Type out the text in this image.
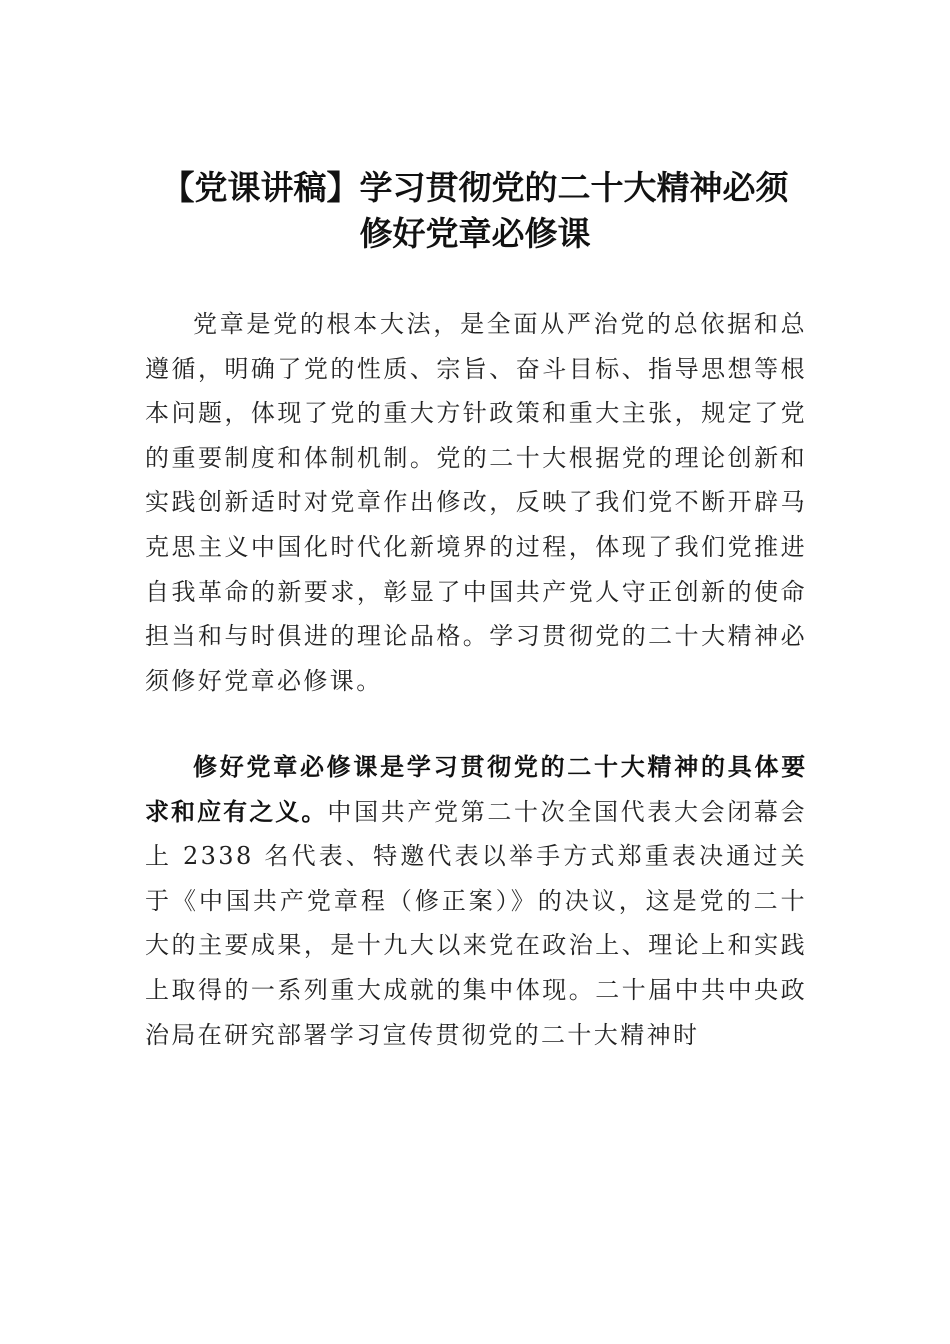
【党课讲稿】学习贯彻党的二十大精神必须
修好党章必修课

党章是党的根本大法，是全面从严治党的总依据和总遵循，明确了党的性质、宗旨、奋斗目标、指导思想等根本问题，体现了党的重大方针政策和重大主张，规定了党的重要制度和体制机制。党的二十大根据党的理论创新和实践创新适时对党章作出修改，反映了我们党不断开辟马克思主义中国化时代化新境界的过程，体现了我们党推进自我革命的新要求，彰显了中国共产党人守正创新的使命担当和与时俱进的理论品格。学习贯彻党的二十大精神必须修好党章必修课。

修好党章必修课是学习贯彻党的二十大精神的具体要求和应有之义。中国共产党第二十次全国代表大会闭幕会上 2338 名代表、特邀代表以举手方式郑重表决通过关于《中国共产党章程（修正案）》的决议，这是党的二十大的主要成果，是十九大以来党在政治上、理论上和实践上取得的一系列重大成就的集中体现。二十届中共中央政治局在研究部署学习宣传贯彻党的二十大精神时
